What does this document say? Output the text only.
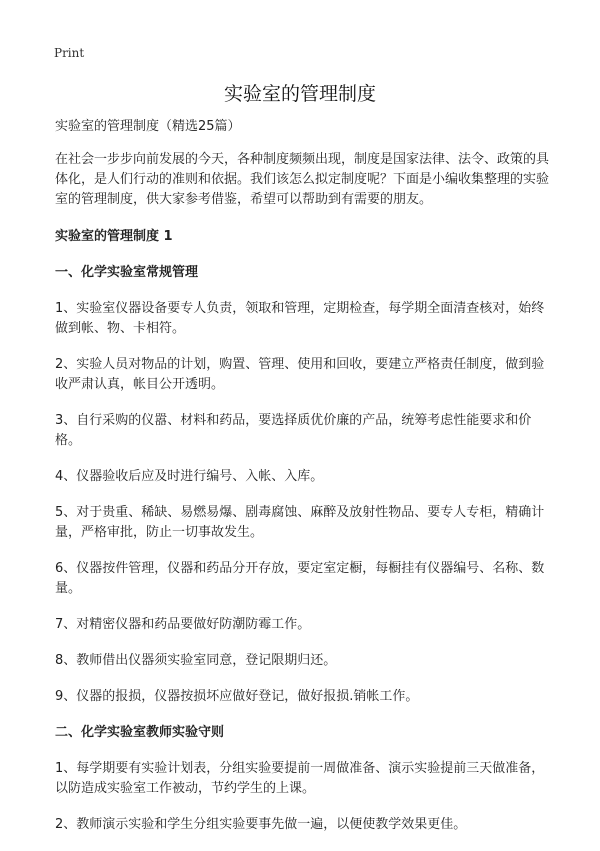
Print
实验室的管理制度

实验室的管理制度（精选25篇）

在社会一步步向前发展的今天，各种制度频频出现，制度是国家法律、法令、政策的具体化，是人们行动的准则和依据。我们该怎么拟定制度呢？下面是小编收集整理的实验室的管理制度，供大家参考借鉴，希望可以帮助到有需要的朋友。

实验室的管理制度 1

一、化学实验室常规管理

1、实验室仪器设备要专人负责，领取和管理，定期检查，每学期全面清查核对，始终做到帐、物、卡相符。

2、实验人员对物品的计划，购置、管理、使用和回收，要建立严格责任制度，做到验收严肃认真，帐目公开透明。

3、自行采购的仪嚣、材料和药品，要选择质优价廉的产品，统筹考虑性能要求和价格。

4、仪器验收后应及时进行编号、入帐、入库。

5、对于贵重、稀缺、易燃易爆、剧毒腐蚀、麻醉及放射性物品、要专人专柜，精确计量，严格审批，防止一切事故发生。

6、仪器按件管理，仪器和药品分开存放，要定室定橱，每橱挂有仪器编号、名称、数量。

7、对精密仪器和药品要做好防潮防霉工作。

8、教师借出仪器须实验室同意，登记限期归还。

9、仪器的报损，仪器按损坏应做好登记，做好报损.销帐工作。

二、化学实验室教师实验守则

1、每学期要有实验计划表，分组实验要提前一周做准备、演示实验提前三天做准备，以防造成实验室工作被动，节约学生的上课。

2、教师演示实验和学生分组实验要事先做一遍，以便使教学效果更佳。
